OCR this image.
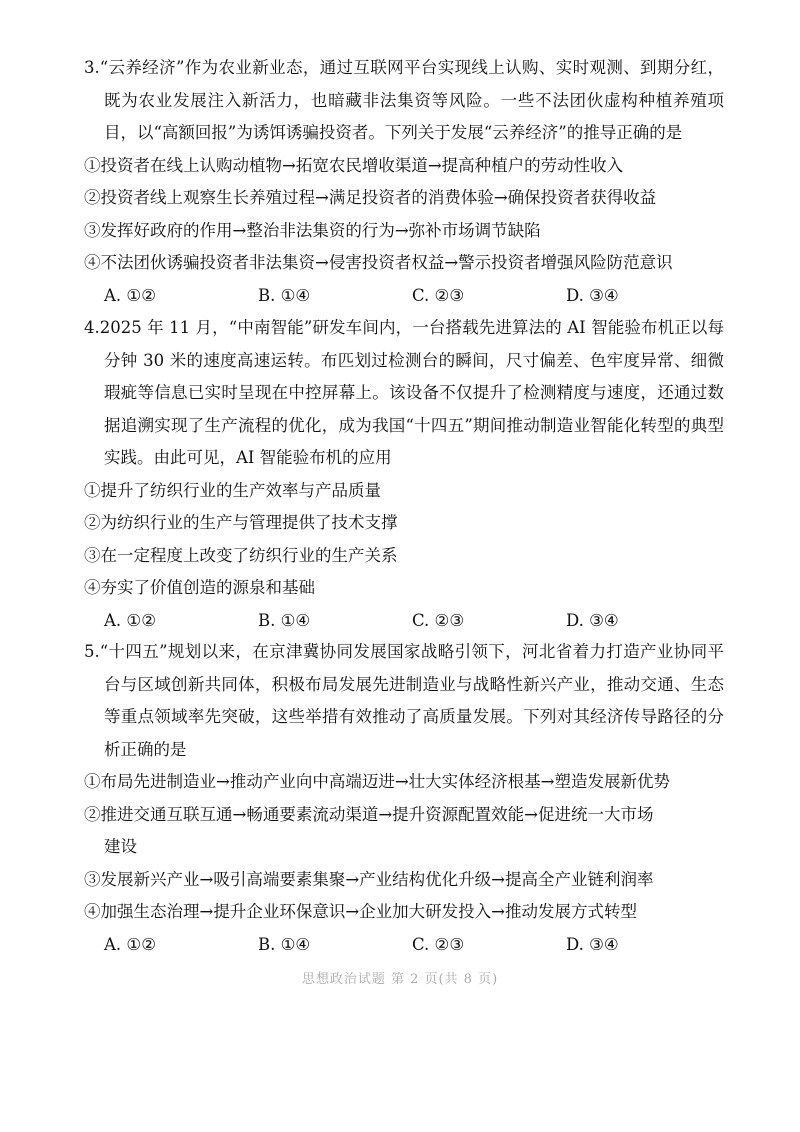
3.“云养经济”作为农业新业态，通过互联网平台实现线上认购、实时观测、到期分红，既为农业发展注入新活力，也暗藏非法集资等风险。一些不法团伙虚构种植养殖项目，以“高额回报”为诱饵诱骗投资者。下列关于发展“云养经济”的推导正确的是

①投资者在线上认购动植物→拓宽农民增收渠道→提高种植户的劳动性收入

②投资者线上观察生长养殖过程→满足投资者的消费体验→确保投资者获得收益

③发挥好政府的作用→整治非法集资的行为→弥补市场调节缺陷

④不法团伙诱骗投资者非法集资→侵害投资者权益→警示投资者增强风险防范意识

A. ①②	B. ①④	C. ②③	D. ③④

4.2025 年 11 月，“中南智能”研发车间内，一台搭载先进算法的 AI 智能验布机正以每分钟 30 米的速度高速运转。布匹划过检测台的瞬间，尺寸偏差、色牢度异常、细微瑕疵等信息已实时呈现在中控屏幕上。该设备不仅提升了检测精度与速度，还通过数据追溯实现了生产流程的优化，成为我国“十四五”期间推动制造业智能化转型的典型实践。由此可见，AI 智能验布机的应用

①提升了纺织行业的生产效率与产品质量

②为纺织行业的生产与管理提供了技术支撑

③在一定程度上改变了纺织行业的生产关系

④夯实了价值创造的源泉和基础

A. ①②	B. ①④	C. ②③	D. ③④

5.“十四五”规划以来，在京津冀协同发展国家战略引领下，河北省着力打造产业协同平台与区域创新共同体，积极布局发展先进制造业与战略性新兴产业，推动交通、生态等重点领域率先突破，这些举措有效推动了高质量发展。下列对其经济传导路径的分析正确的是

①布局先进制造业→推动产业向中高端迈进→壮大实体经济根基→塑造发展新优势

②推进交通互联互通→畅通要素流动渠道→提升资源配置效能→促进统一大市场

建设

③发展新兴产业→吸引高端要素集聚→产业结构优化升级→提高全产业链利润率

④加强生态治理→提升企业环保意识→企业加大研发投入→推动发展方式转型

A. ①②	B. ①④	C. ②③	D. ③④
思想政治试题 第 2 页(共 8 页)
